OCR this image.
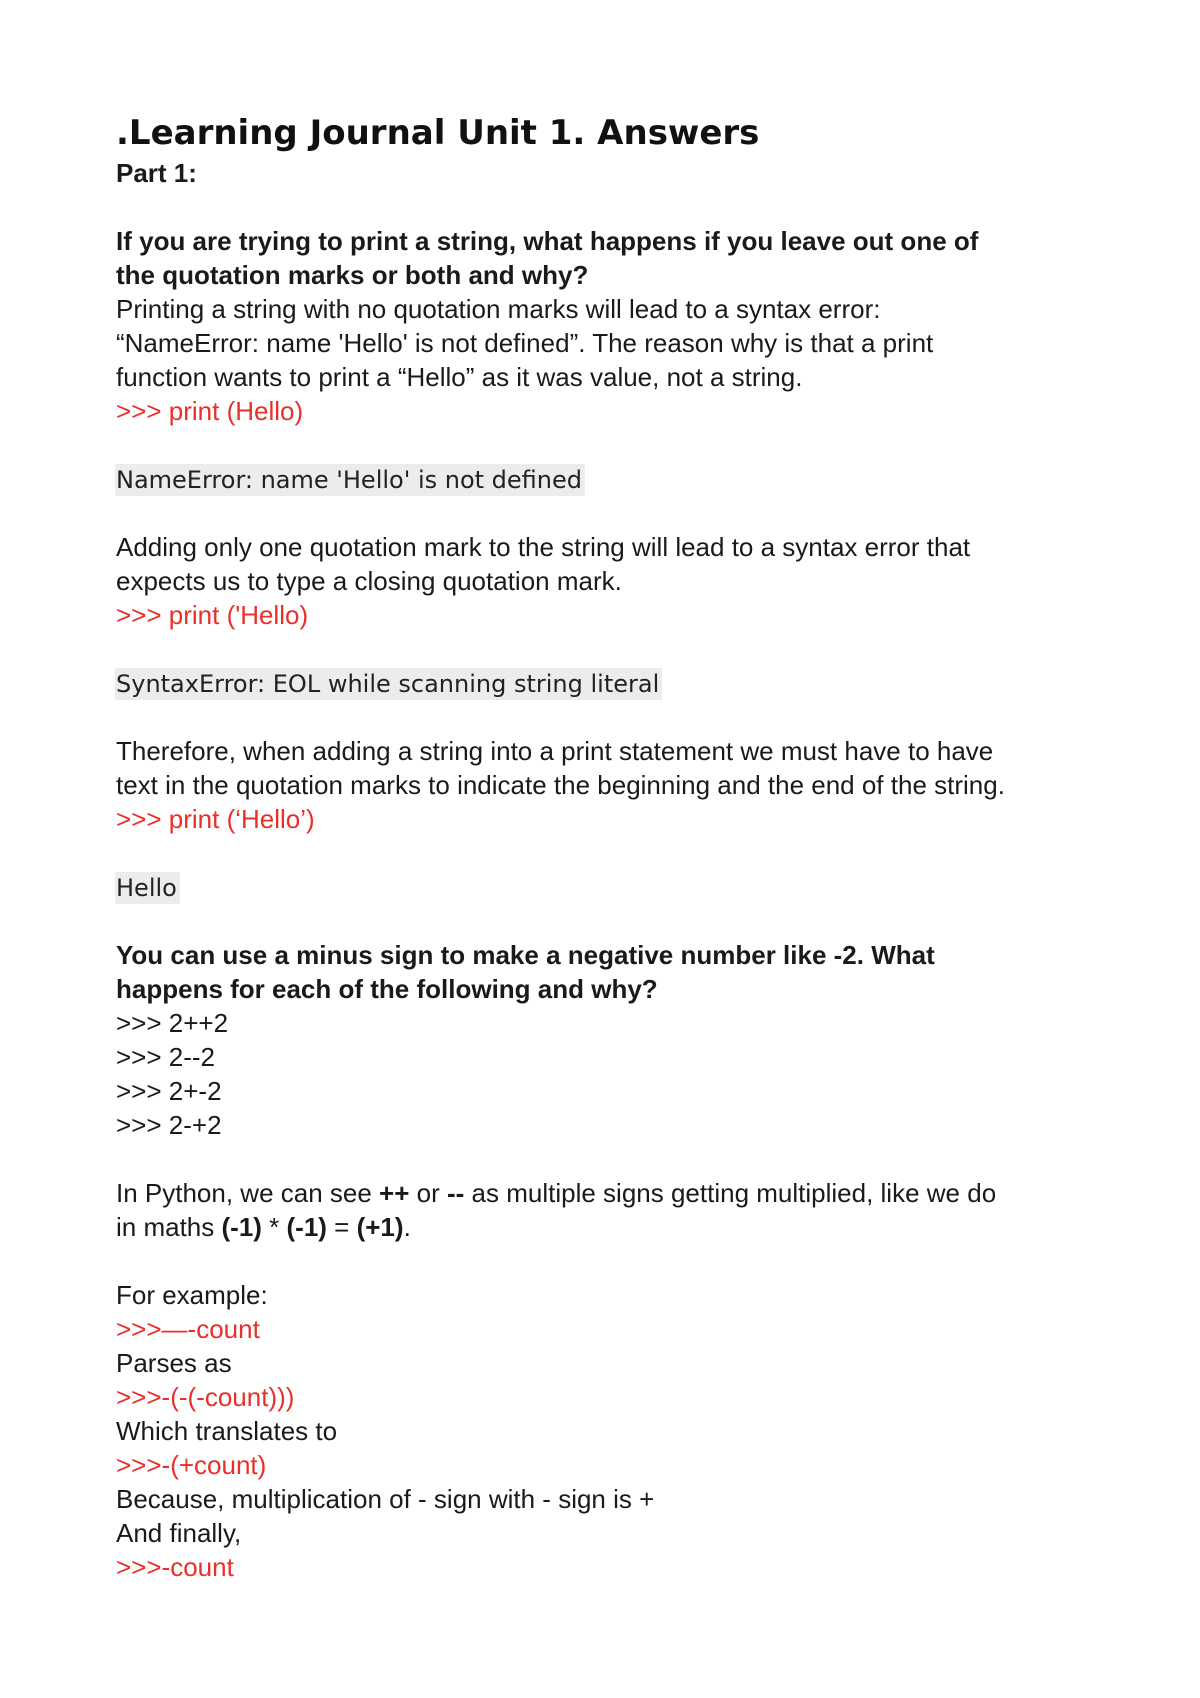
.Learning Journal Unit 1. Answers

Part 1:

If you are trying to print a string, what happens if you leave out one of

the quotation marks or both and why?

Printing a string with no quotation marks will lead to a syntax error:

“NameError: name 'Hello' is not defined”. The reason why is that a print

function wants to print a “Hello” as it was value, not a string.

>>> print (Hello)

NameError: name 'Hello' is not defined

Adding only one quotation mark to the string will lead to a syntax error that

expects us to type a closing quotation mark.

>>> print ('Hello)

SyntaxError: EOL while scanning string literal

Therefore, when adding a string into a print statement we must have to have

text in the quotation marks to indicate the beginning and the end of the string.

>>> print (‘Hello’)

Hello

You can use a minus sign to make a negative number like -2. What

happens for each of the following and why?

>>> 2++2

>>> 2--2

>>> 2+-2

>>> 2-+2

In Python, we can see ++ or -- as multiple signs getting multiplied, like we do

in maths (-1) * (-1) = (+1).

For example:

>>>—-count

Parses as

>>>-(-(-count)))

Which translates to

>>>-(+count)

Because, multiplication of - sign with - sign is +

And finally,

>>>-count
